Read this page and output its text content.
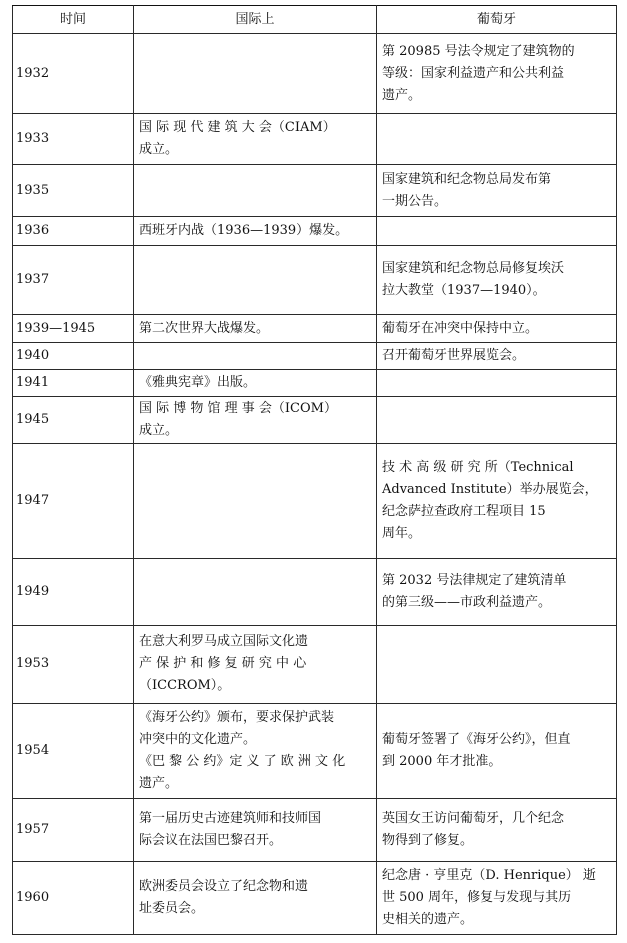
时间	国际上	葡萄牙
1932		第 20985 号法令规定了建筑物的
等级：国家利益遗产和公共利益
遗产。

1933	国 际 现 代 建 筑 大 会（CIAM）
成立。	

1935		国家建筑和纪念物总局发布第
一期公告。

1936	西班牙内战（1936—1939）爆发。	

1937		国家建筑和纪念物总局修复埃沃
拉大教堂（1937—1940）。

1939—1945	第二次世界大战爆发。	葡萄牙在冲突中保持中立。

1940		召开葡萄牙世界展览会。

1941	《雅典宪章》出版。	

1945	国 际 博 物 馆 理 事 会（ICOM）
成立。	

1947		技 术 高 级 研 究 所（Technical
Advanced Institute）举办展览会，
纪念萨拉查政府工程项目 15
周年。

1949		第 2032 号法律规定了建筑清单
的第三级——市政利益遗产。

1953	在意大利罗马成立国际文化遗
产 保 护 和 修 复 研 究 中 心
（ICCROM）。	

1954	《海牙公约》颁布，要求保护武装
冲突中的文化遗产。
《巴 黎 公 约》定 义 了 欧 洲 文 化
遗产。	葡萄牙签署了《海牙公约》，但直
到 2000 年才批准。

1957	第一届历史古迹建筑师和技师国
际会议在法国巴黎召开。	英国女王访问葡萄牙，几个纪念
物得到了修复。

1960	欧洲委员会设立了纪念物和遗
址委员会。	纪念唐 · 亨里克（D. Henrique） 逝
世 500 周年，修复与发现与其历
史相关的遗产。
